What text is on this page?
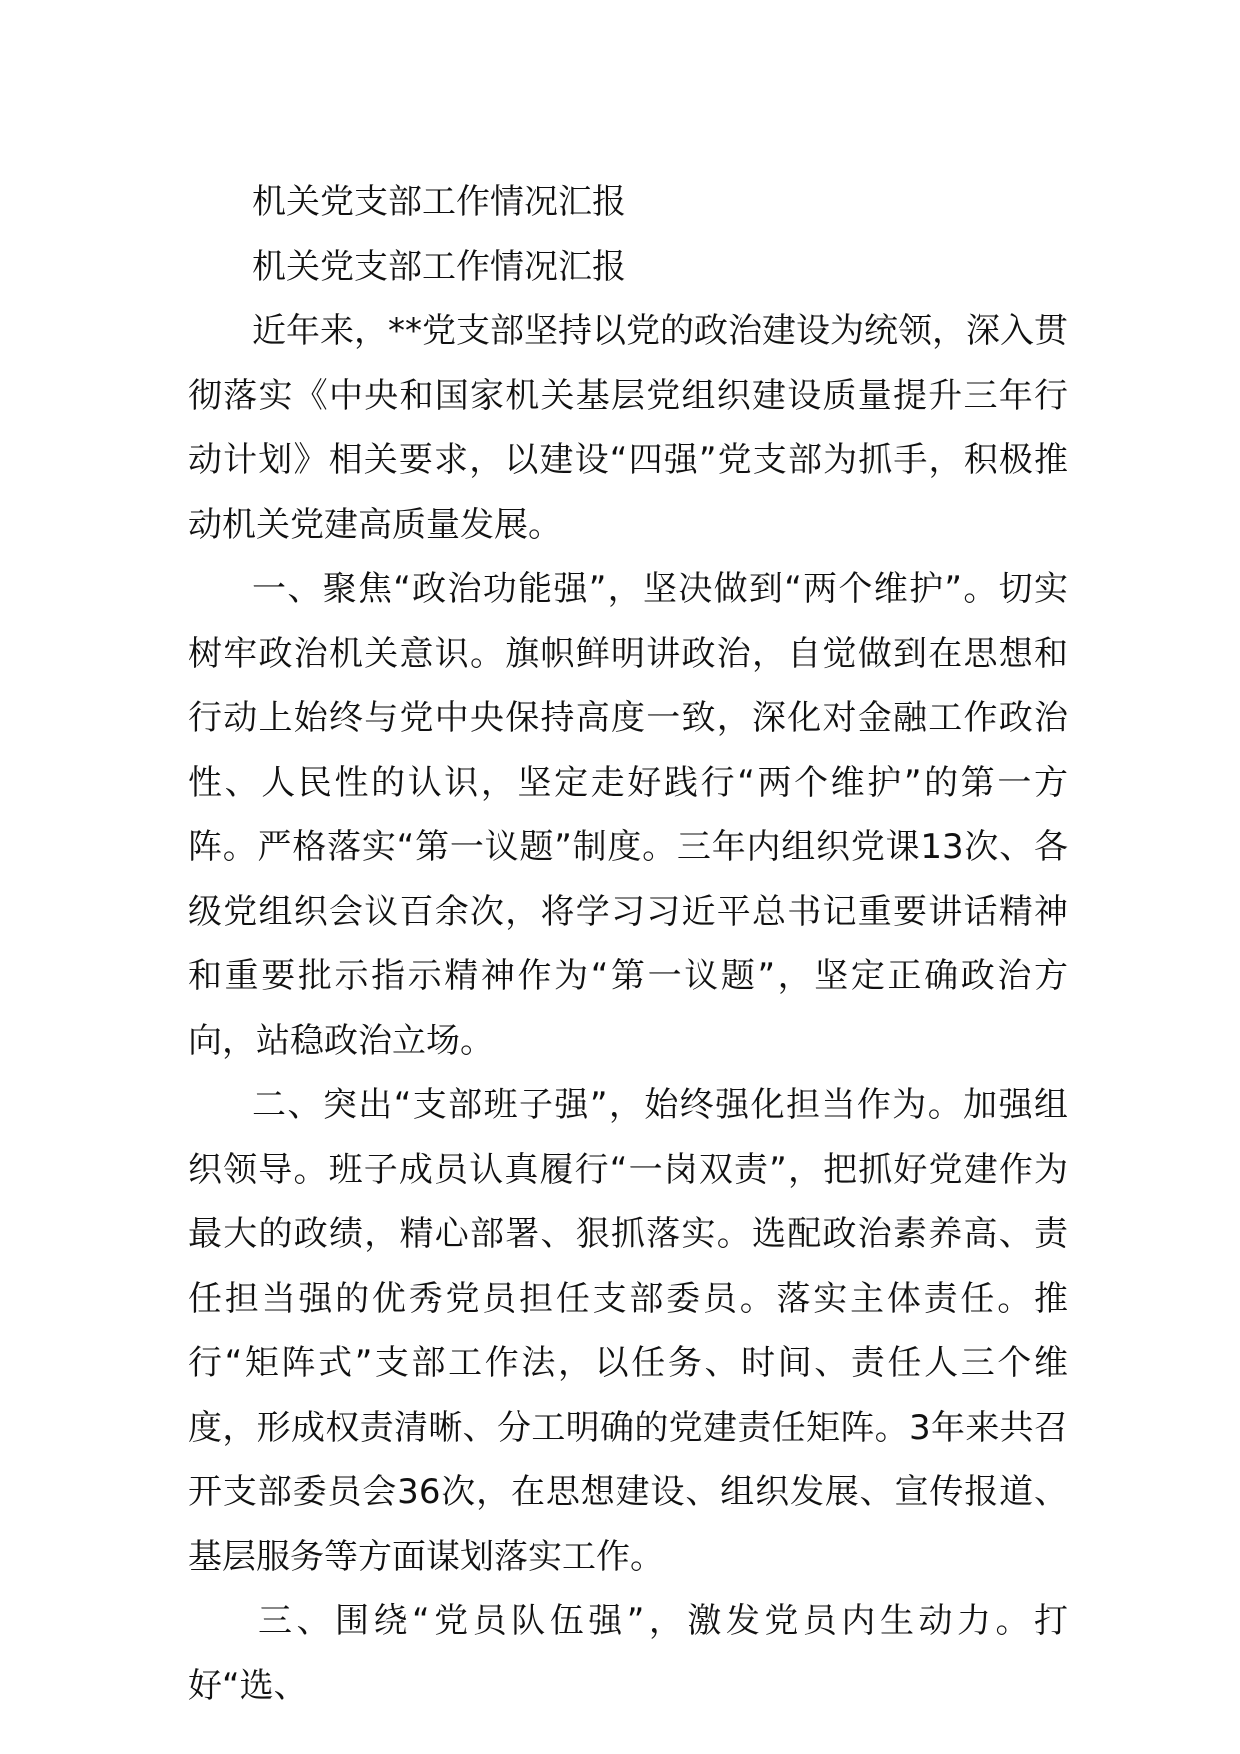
机关党支部工作情况汇报

机关党支部工作情况汇报

近年来，**党支部坚持以党的政治建设为统领，深入贯彻落实《中央和国家机关基层党组织建设质量提升三年行动计划》相关要求，以建设“四强”党支部为抓手，积极推动机关党建高质量发展。

一、聚焦“政治功能强”，坚决做到“两个维护”。切实树牢政治机关意识。旗帜鲜明讲政治，自觉做到在思想和行动上始终与党中央保持高度一致，深化对金融工作政治性、人民性的认识，坚定走好践行“两个维护”的第一方阵。严格落实“第一议题”制度。三年内组织党课13次、各级党组织会议百余次，将学习习近平总书记重要讲话精神和重要批示指示精神作为“第一议题”，坚定正确政治方向，站稳政治立场。

二、突出“支部班子强”，始终强化担当作为。加强组织领导。班子成员认真履行“一岗双责”，把抓好党建作为最大的政绩，精心部署、狠抓落实。选配政治素养高、责任担当强的优秀党员担任支部委员。落实主体责任。推行“矩阵式”支部工作法，以任务、时间、责任人三个维度，形成权责清晰、分工明确的党建责任矩阵。3年来共召开支部委员会36次，在思想建设、组织发展、宣传报道、基层服务等方面谋划落实工作。

三、围绕“党员队伍强”，激发党员内生动力。打好“选、
